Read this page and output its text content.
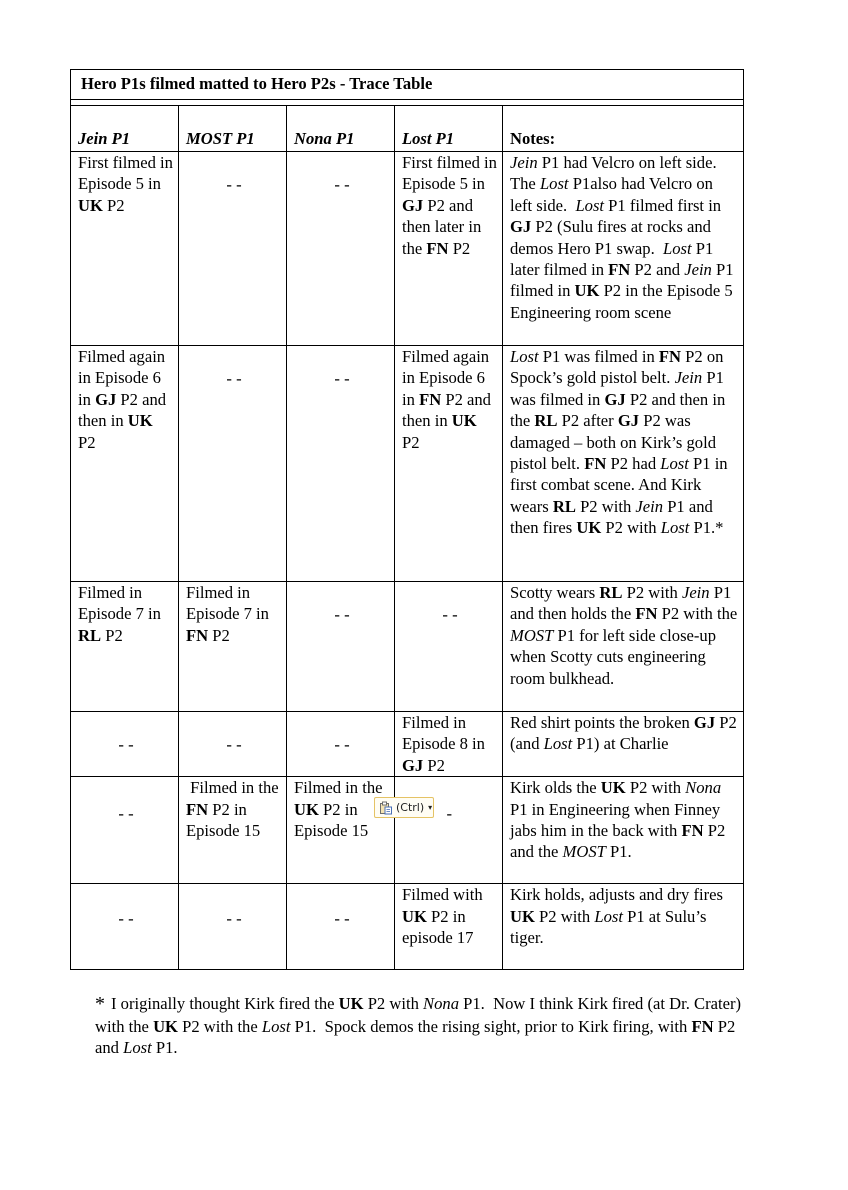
Hero P1s filmed matted to Hero P2s - Trace Table				

Jein P1	MOST P1	Nona P1	Lost P1	Notes:
First filmed in Episode 5 in UK P2	- -	- -	First filmed in Episode 5 in GJ P2 and then later in the FN P2	Jein P1 had Velcro on left side.  The Lost P1also had Velcro on left side.  Lost P1 filmed first in GJ P2 (Sulu fires at rocks and demos Hero P1 swap.  Lost P1 later filmed in FN P2 and Jein P1 filmed in UK P2 in the Episode 5 Engineering room scene
Filmed again in Episode 6 in GJ P2 and then in UK P2	- -	- -	Filmed again in Episode 6 in FN P2 and then in UK P2	Lost P1 was filmed in FN P2 on Spock’s gold pistol belt. Jein P1 was filmed in GJ P2 and then in the RL P2 after GJ P2 was damaged – both on Kirk’s gold pistol belt. FN P2 had Lost P1 in first combat scene. And Kirk wears RL P2 with Jein P1 and then fires UK P2 with Lost P1.*
Filmed in Episode 7 in RL P2	Filmed in Episode 7 in FN P2	- -	- -	Scotty wears RL P2 with Jein P1 and then holds the FN P2 with the MOST P1 for left side close-up when Scotty cuts engineering room bulkhead.

- -	- -	- -	Filmed in Episode 8 in GJ P2	Red shirt points the broken GJ P2 (and Lost P1) at Charlie

- -	Filmed in the FN P2 in Episode 15	Filmed in the UK P2 in Episode 15	-	Kirk olds the UK P2 with Nona P1 in Engineering when Finney jabs him in the back with FN P2 and the MOST P1.

- -	- -	- -	Filmed with UK P2 in episode 17	Kirk holds, adjusts and dry fires UK P2 with Lost P1 at Sulu’s tiger.
(Ctrl) ▾
* I originally thought Kirk fired the UK P2 with Nona P1.  Now I think Kirk fired (at Dr. Crater) with the UK P2 with the Lost P1.  Spock demos the rising sight, prior to Kirk firing, with FN P2 and Lost P1.
